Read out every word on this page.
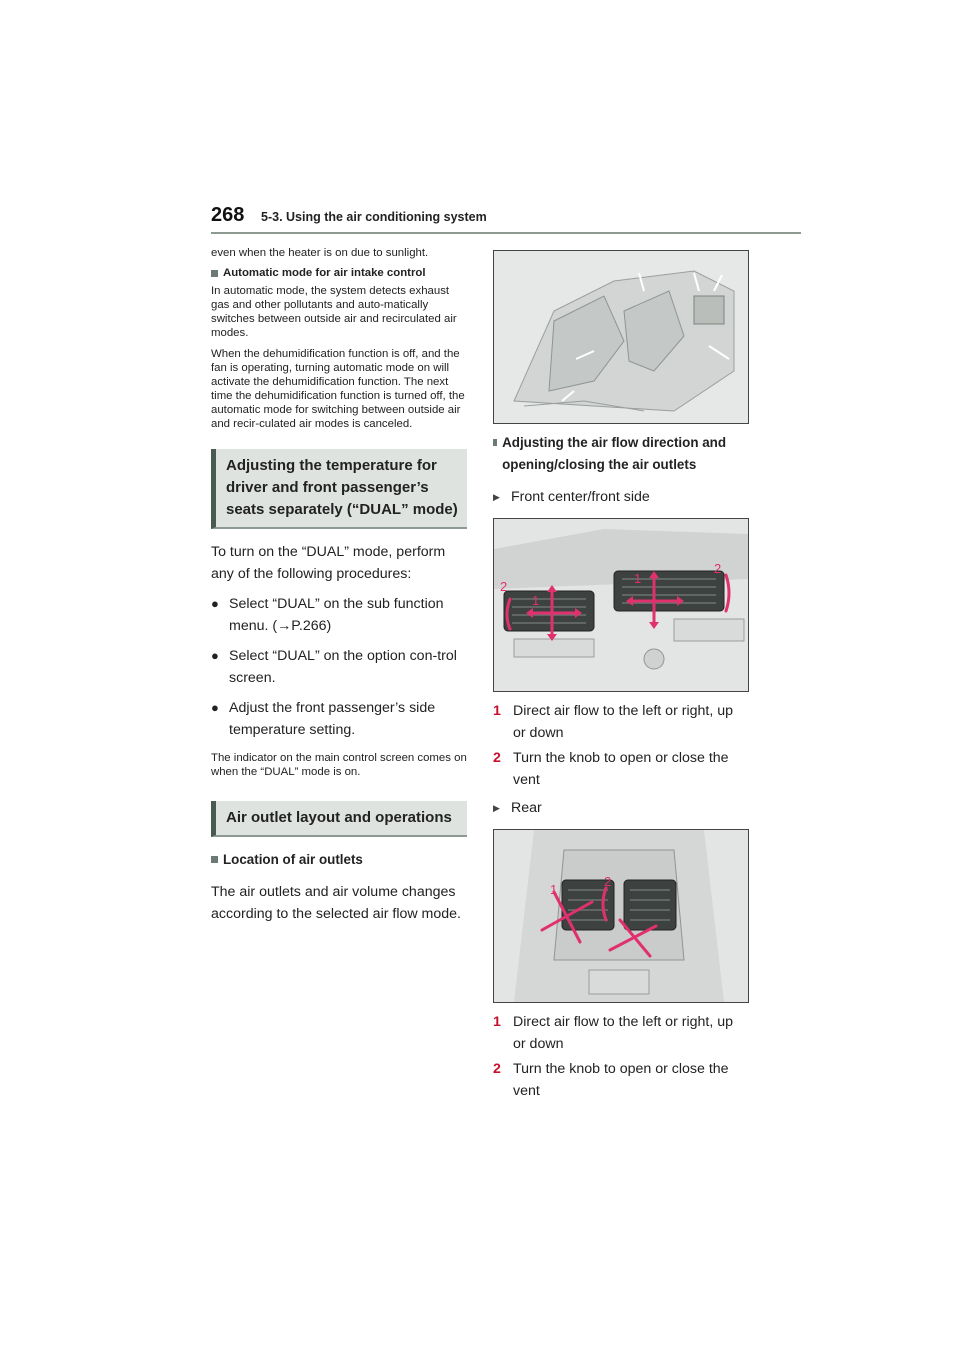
268 5-3. Using the air conditioning system

even when the heater is on due to sunlight.

Automatic mode for air intake control

In automatic mode, the system detects exhaust gas and other pollutants and auto-matically switches between outside air and recirculated air modes.

When the dehumidification function is off, and the fan is operating, turning automatic mode on will activate the dehumidification function. The next time the dehumidification function is turned off, the automatic mode for switching between outside air and recir-culated air modes is canceled.

Adjusting the temperature for driver and front passenger’s seats separately (“DUAL” mode)

To turn on the “DUAL” mode, perform any of the following procedures:

● Select “DUAL” on the sub function menu. (→P.266)
● Select “DUAL” on the option con-trol screen.
● Adjust the front passenger’s side temperature setting.

The indicator on the main control screen comes on when the “DUAL” mode is on.

Air outlet layout and operations
Location of air outlets

The air outlets and air volume changes according to the selected air flow mode.

Adjusting the air flow direction and opening/closing the air outlets
▶ Front center/front side
2
1
1
2
1 Direct air flow to the left or right, up or down
2 Turn the knob to open or close the vent
▶ Rear
1
2
1 Direct air flow to the left or right, up or down
2 Turn the knob to open or close the vent
